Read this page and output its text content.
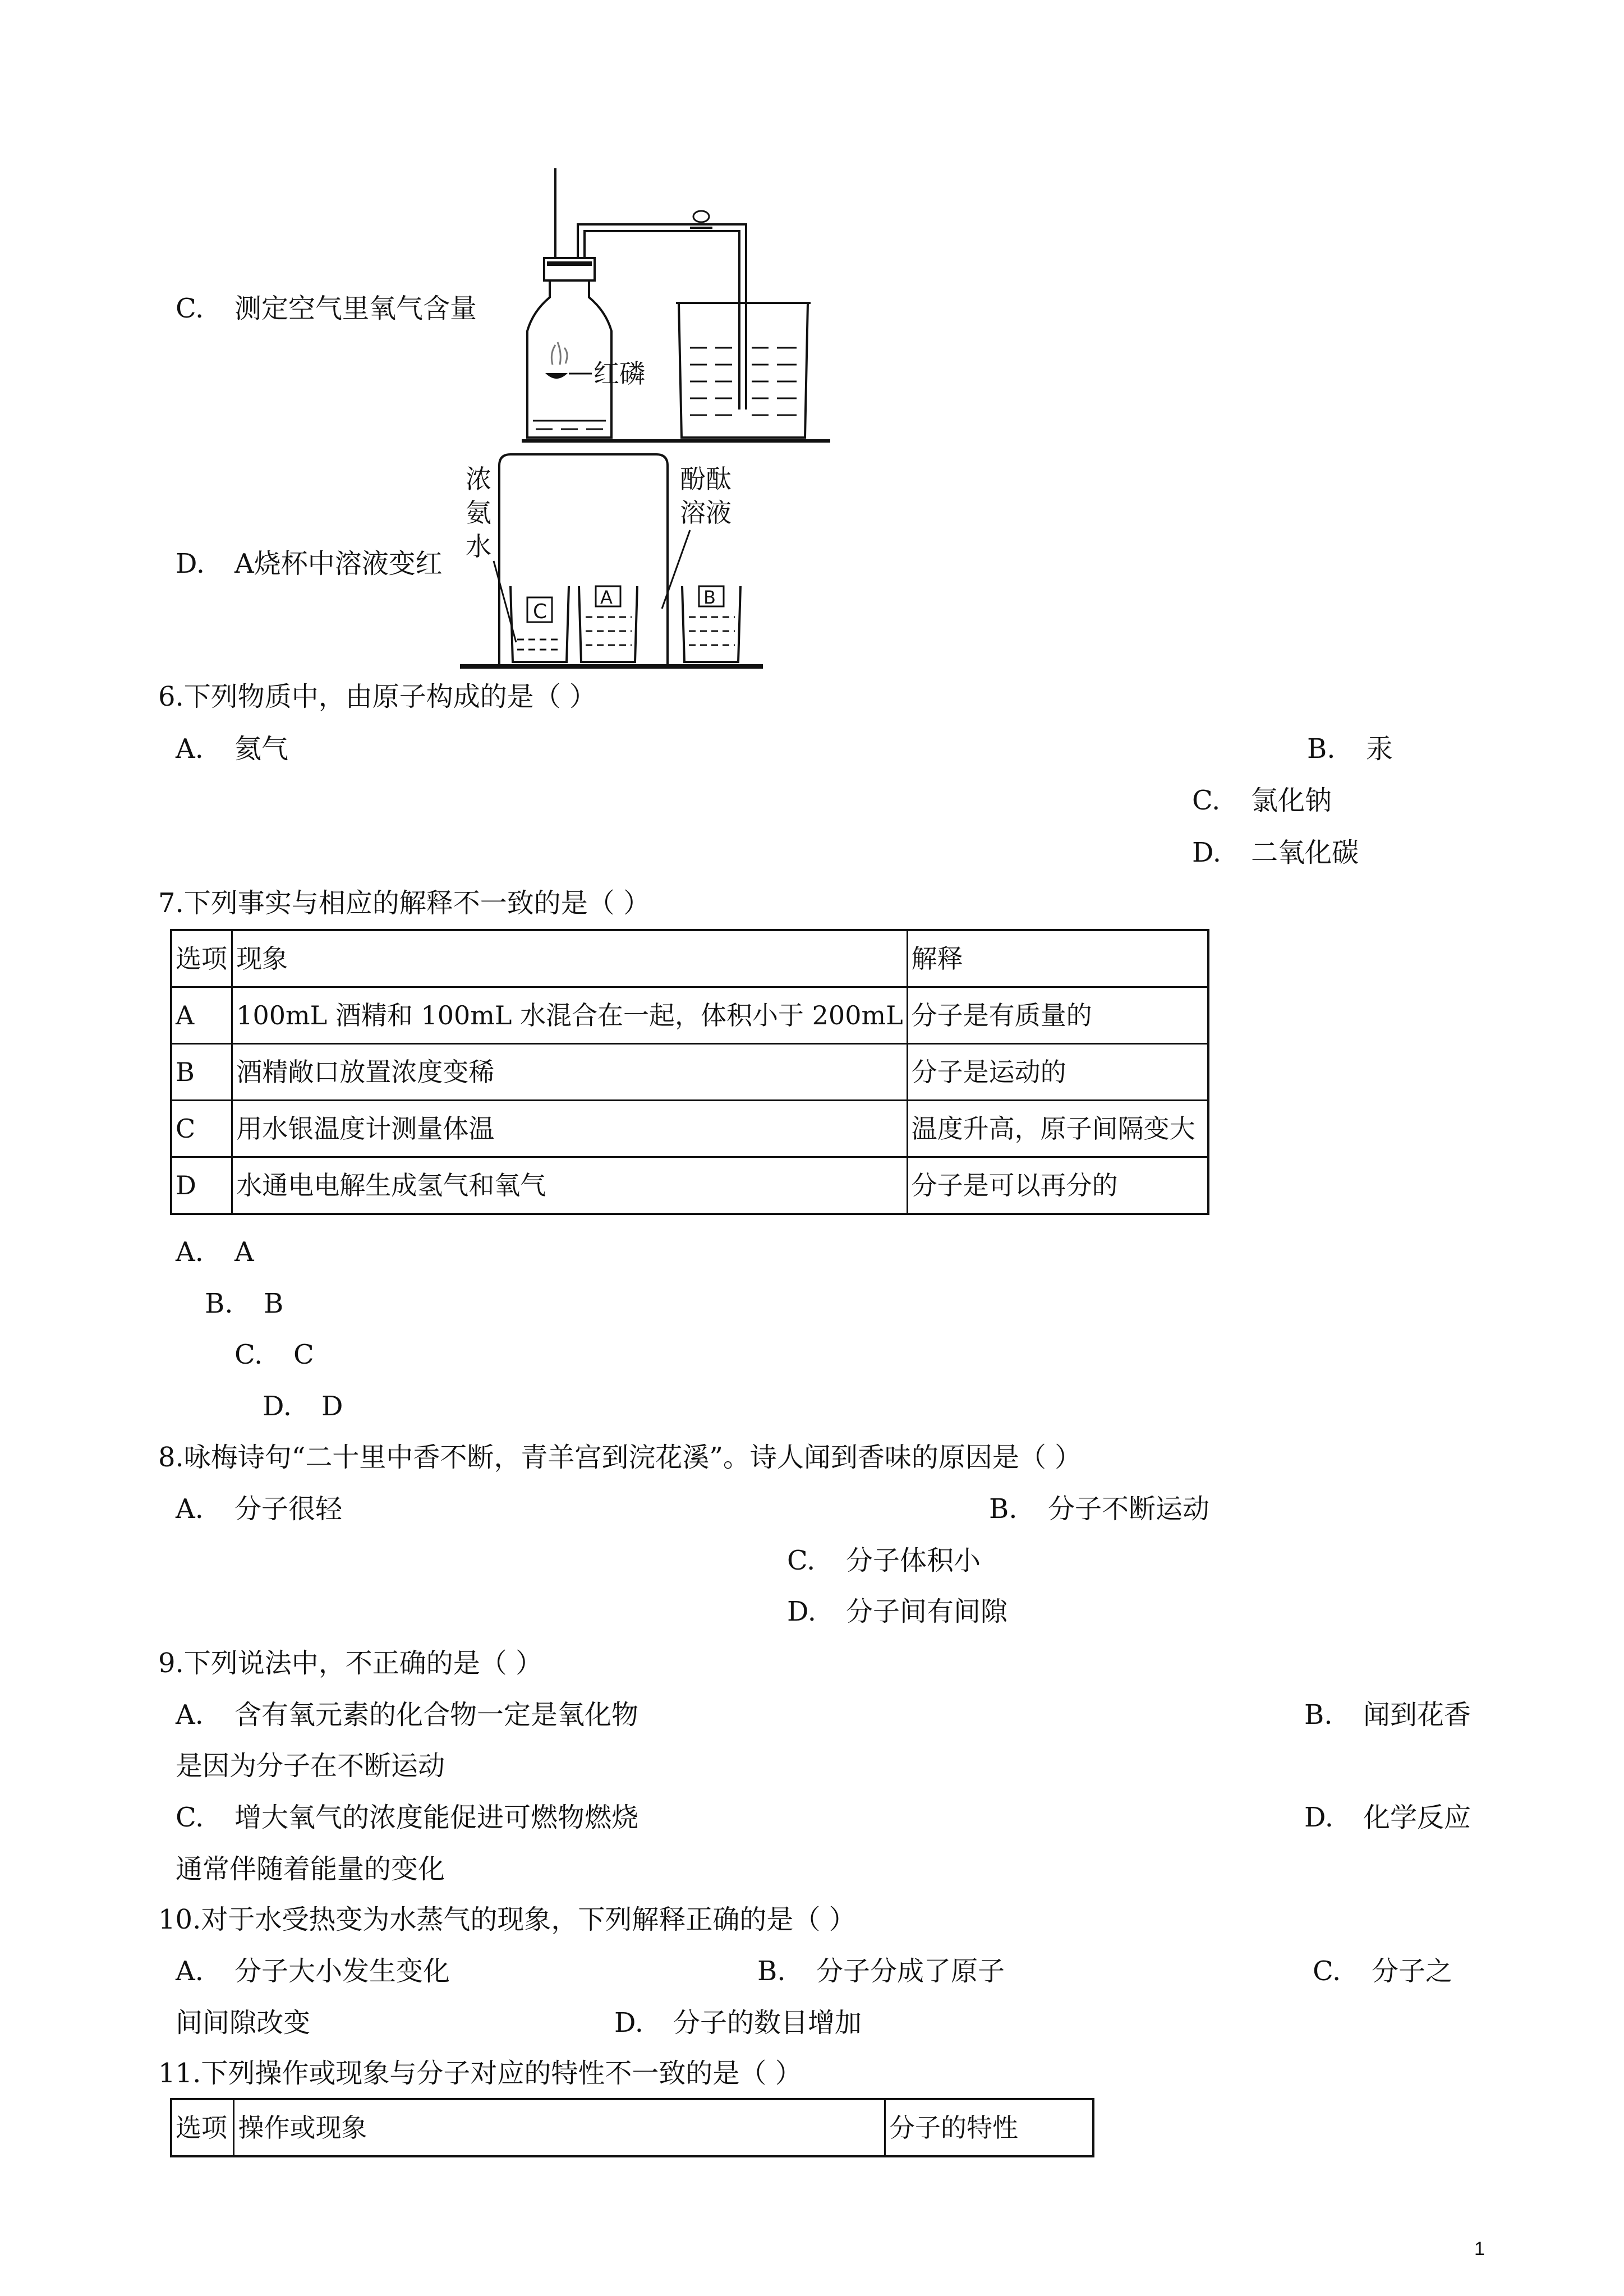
C. 测定空气里氧气含量
红磷
D. A烧杯中溶液变红
浓
氨
水
酚酞
溶液
C
A	B
6.下列物质中，由原子构成的是（ ）
A. 氦气	B. 汞
C. 氯化钠
D. 二氧化碳
7.下列事实与相应的解释不一致的是（ ）
选项	现象	解释
A	100mL 酒精和 100mL 水混合在一起，体积小于 200mL	分子是有质量的
B	酒精敞口放置浓度变稀	分子是运动的
C	用水银温度计测量体温	温度升高，原子间隔变大
D	水通电电解生成氢气和氧气	分子是可以再分的
A. A
B. B
C. C
D. D
8.咏梅诗句“二十里中香不断，青羊宫到浣花溪”。诗人闻到香味的原因是（ ）
A. 分子很轻	B. 分子不断运动
C. 分子体积小
D. 分子间有间隙
9.下列说法中，不正确的是（ ）
A. 含有氧元素的化合物一定是氧化物	B. 闻到花香
是因为分子在不断运动
C. 增大氧气的浓度能促进可燃物燃烧	D. 化学反应
通常伴随着能量的变化
10.对于水受热变为水蒸气的现象，下列解释正确的是（ ）
A. 分子大小发生变化	B. 分子分成了原子	C. 分子之
间间隙改变	D. 分子的数目增加
11.下列操作或现象与分子对应的特性不一致的是（ ）
选项	操作或现象	分子的特性
1
